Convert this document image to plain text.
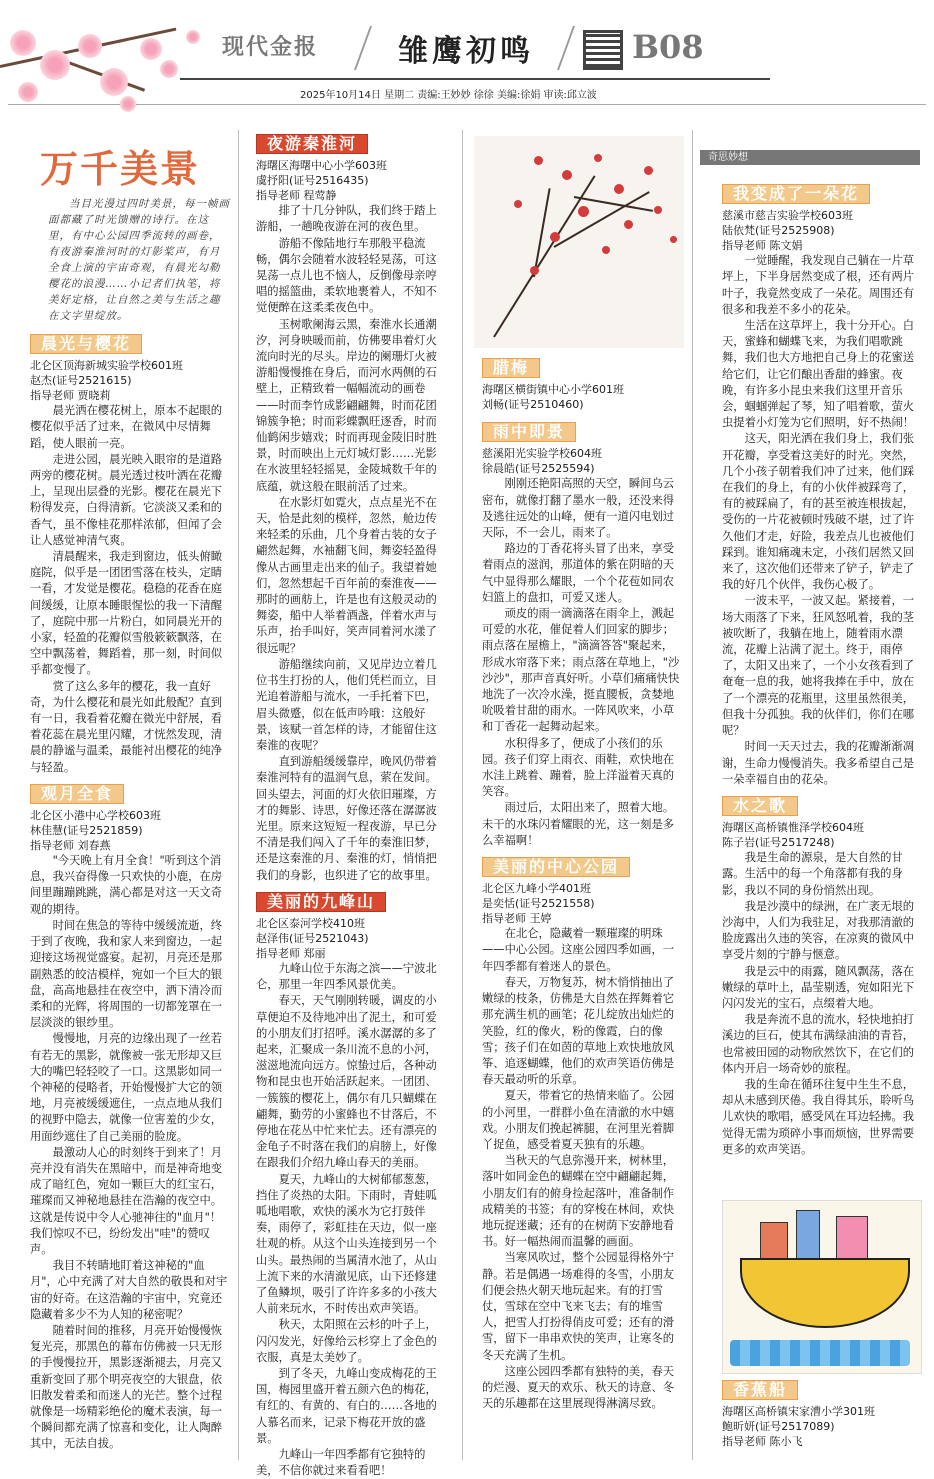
现代金报	雏鹰初鸣	B08
2025年10月14日 星期二 责编:王妙妙 徐徐 美编:徐娟 审读:邱立波
万千美景
当目光漫过四时美景，每一帧画面都藏了时光馈赠的诗行。在这里，有中心公园四季流转的画卷，有夜游秦淮河时的灯影桨声，有月全食上演的宇宙奇观，有晨光勾勒樱花的浪漫……小记者们执笔，将美好定格，让自然之美与生活之趣在文字里绽放。
晨光与樱花
北仑区顶海新城实验学校601班
赵杰(证号2521615)
指导老师 贾晓莉

晨光洒在樱花树上，原本不起眼的樱花似乎活了过来，在微风中尽情舞蹈，使人眼前一亮。

走进公园，晨光映入眼帘的是道路两旁的樱花树。晨光透过枝叶洒在花瓣上，呈现出层叠的光影。樱花在晨光下粉得发亮，白得清新。它淡淡又柔和的香气，虽不像桂花那样浓郁，但闻了会让人感觉神清气爽。

清晨醒来，我走到窗边，低头俯瞰庭院，似乎是一团团雪落在枝头，定睛一看，才发觉是樱花。稳稳的花香在庭间缓缓，让原本睡眼惺忪的我一下清醒了，庭院中那一片粉白，如同晨光开的小家，轻盈的花瓣似雪般簌簌飘落，在空中飘荡着，舞蹈着，那一刻，时间似乎都变慢了。

赏了这么多年的樱花，我一直好奇，为什么樱花和晨光如此般配？直到有一日，我看着花瓣在微光中舒展，看着花蕊在晨光里闪耀，才恍然发现，清晨的静谧与温柔，最能衬出樱花的纯净与轻盈。

观月全食
北仑区小港中心学校603班
林佳慧(证号2521859)
指导老师 刘春燕

"今天晚上有月全食！"听到这个消息，我兴奋得像一只欢快的小鹿，在房间里蹦蹦跳跳，满心都是对这一天文奇观的期待。

时间在焦急的等待中缓缓流逝，终于到了夜晚，我和家人来到窗边，一起迎接这场视觉盛宴。起初，月亮还是那副熟悉的皎洁模样，宛如一个巨大的银盘，高高地悬挂在夜空中，洒下清冷而柔和的光辉，将周围的一切都笼罩在一层淡淡的银纱里。

慢慢地，月亮的边缘出现了一丝若有若无的黑影，就像被一张无形却又巨大的嘴巴轻轻咬了一口。这黑影如同一个神秘的侵略者，开始慢慢扩大它的领地，月亮被缓缓遮住，一点点地从我们的视野中隐去，就像一位害羞的少女，用面纱遮住了自己美丽的脸庞。

最激动人心的时刻终于到来了！月亮并没有消失在黑暗中，而是神奇地变成了暗红色，宛如一颗巨大的红宝石，璀璨而又神秘地悬挂在浩瀚的夜空中。这就是传说中令人心驰神往的"血月"！我们惊叹不已，纷纷发出"哇"的赞叹声。

我目不转睛地盯着这神秘的"血月"，心中充满了对大自然的敬畏和对宇宙的好奇。在这浩瀚的宇宙中，究竟还隐藏着多少不为人知的秘密呢？

随着时间的推移，月亮开始慢慢恢复光亮，那黑色的幕布仿佛被一只无形的手慢慢拉开，黑影逐渐褪去，月亮又重新变回了那个明亮夜空的大银盘，依旧散发着柔和而迷人的光芒。整个过程就像是一场精彩绝伦的魔术表演，每一个瞬间都充满了惊喜和变化，让人陶醉其中，无法自拔。

夜游秦淮河
海曙区海曙中心小学603班
虞抒阳(证号2516435)
指导老师 程莺静

排了十几分钟队，我们终于踏上游船，一趟晚夜游在河的夜色里。

游船不像陆地行车那般平稳流畅，偶尔会随着水波轻轻晃荡，可这晃荡一点儿也不恼人，反倒像母亲哼唱的摇篮曲，柔软地裹着人，不知不觉便醉在这柔柔夜色中。

玉树歌阑海云黑，秦淮水长通潮汐，河身映暖而前，仿佛要串着灯火流向时光的尽头。岸边的阑珊灯火被游船慢慢推在身后，而河水两侧的石壁上，正精致着一幅幅流动的画卷——时而李竹成影翩翩舞，时而花团锦簇争艳；时而彩蝶飘旺逐香，时而仙鹤闲步嬉戏；时而再现金陵旧时胜景，时而映出上元灯城灯影……光影在水波里轻轻摇晃，金陵城数千年的底蕴，就这般在眼前活了过来。

在水影灯如霓火，点点星光不在天，恰是此刻的模样，忽然，舱边传来轻柔的乐曲，几个身着古装的女子翩然起舞，水袖翻飞间，舞姿轻盈得像从古画里走出来的仙子。我望着她们，忽然想起千百年前的秦淮夜——那时的画舫上，许是也有这般灵动的舞姿，船中人举着酒盏，伴着水声与乐声，抬手叫好，笑声同着河水漾了很远呢？

游船继续向前，又见岸边立着几位书生打扮的人，他们凭栏而立，目光追着游船与流水，一手托着下巴，眉头微蹙，似在低声吟哦：这般好景，该赋一首怎样的诗，才能留住这秦淮的夜呢？

直到游船缓缓靠岸，晚风仍带着秦淮河特有的温润气息，萦在发间。回头望去，河面的灯火依旧璀璨，方才的舞影、诗思，好像还落在潺潺波光里。原来这短短一程夜游，早已分不清是我们闯入了千年的秦淮旧梦，还是这秦淮的月、秦淮的灯，悄悄把我们的身影，也织进了它的故事里。

美丽的九峰山
北仑区泰河学校410班
赵泽伟(证号2521043)
指导老师 郑丽

九峰山位于东海之滨——宁波北仑，那里一年四季风景优美。

春天，天气刚刚转暖，调皮的小草便迫不及待地冲出了泥土，和可爱的小朋友们打招呼。溪水潺潺的多了起来，汇聚成一条川流不息的小河，滋滋地流向远方。惊蛰过后，各种动物和昆虫也开始活跃起来。一团团、一簇簇的樱花上，偶尔有几只蝴蝶在翩舞，勤劳的小蜜蜂也不甘落后，不停地在花丛中忙来忙去。还有漂亮的金龟子不时落在我们的肩膀上，好像在跟我们介绍九峰山春天的美丽。

夏天，九峰山的大树郁郁葱葱，挡住了炎热的太阳。下雨时，青蛙呱呱地唱歌，欢快的溪水为它打鼓伴奏，雨停了，彩虹挂在天边，似一座壮观的桥。从这个山头连接到另一个山头。最热闹的当属清水池了，从山上流下来的水清澈见底，山下还修建了鱼鳞坝，吸引了许许多多的小孩大人前来玩水，不时传出欢声笑语。

秋天，太阳照在云杉的叶子上，闪闪发光，好像给云杉穿上了金色的衣服，真是太美妙了。

到了冬天，九峰山变成梅花的王国，梅园里盛开着五颜六色的梅花，有红的、有黄的、有白的……各地的人慕名而来，记录下梅花开放的盛景。

九峰山一年四季都有它独特的美，不信你就过来看看吧！

腊梅
海曙区横街镇中心小学601班
刘畅(证号2510460)
雨中即景
慈溪阳光实验学校604班
徐晨皓(证号2525594)

刚刚还艳阳高照的天空，瞬间乌云密布，就像打翻了墨水一般，还没来得及逃往远处的山峰，便有一道闪电划过天际，不一会儿，雨来了。

路边的丁香花将头冒了出来，享受着雨点的滋润，那道体的紫在阴暗的天气中显得那么耀眼，一个个花苞如同农妇篮上的盘扣，可爱又迷人。

顽皮的雨一滴滴落在雨伞上，溅起可爱的水花，催促着人们回家的脚步；雨点落在屋檐上，"滴滴答答"聚起来，形成水帘落下来；雨点落在草地上，"沙沙沙"，那声音真好听。小草们痛痛快快地洗了一次冷水澡，挺直腰板，贪婪地吮吸着甘甜的雨水。一阵风吹来，小草和丁香花一起舞动起来。

水积得多了，便成了小孩们的乐园。孩子们穿上雨衣、雨鞋，欢快地在水洼上跳着、蹦着，脸上洋溢着天真的笑容。

雨过后，太阳出来了，照着大地。未干的水珠闪着耀眼的光，这一刻是多么幸福啊！

美丽的中心公园
北仑区九峰小学401班
是奕恬(证号2521558)
指导老师 王婷

在北仑，隐藏着一颗璀璨的明珠——中心公园。这座公园四季如画，一年四季都有着迷人的景色。

春天，万物复苏，树木悄悄抽出了嫩绿的枝条，仿佛是大自然在挥舞着它那充满生机的画笔；花儿绽放出灿烂的笑脸，红的像火，粉的像霞，白的像雪；孩子们在如茵的草地上欢快地放风筝、追逐蝴蝶，他们的欢声笑语仿佛是春天最动听的乐章。

夏天，带着它的热情来临了。公园的小河里，一群群小鱼在清澈的水中嬉戏。小朋友们挽起裤腿，在河里光着脚丫捉鱼，感受着夏天独有的乐趣。

当秋天的气息弥漫开来，树林里，落叶如同金色的蝴蝶在空中翩翩起舞，小朋友们有的俯身捡起落叶，准备制作成精美的书签；有的穿梭在林间，欢快地玩捉迷藏；还有的在树荫下安静地看书。好一幅热闹而温馨的画面。

当寒风吹过，整个公园显得格外宁静。若是偶遇一场难得的冬雪，小朋友们便会热火朝天地玩起来。有的打雪仗，雪球在空中飞来飞去；有的堆雪人，把雪人打扮得俏皮可爱；还有的滑雪，留下一串串欢快的笑声，让寒冬的冬天充满了生机。

这座公园四季都有独特的美，春天的烂漫、夏天的欢乐、秋天的诗意、冬天的乐趣都在这里展现得淋漓尽致。

奇思妙想
我变成了一朵花
慈溪市慈吉实验学校603班
陆依梵(证号2525908)
指导老师 陈文娟

一觉睡醒，我发现自己躺在一片草坪上，下半身居然变成了根，还有两片叶子，我竟然变成了一朵花。周围还有很多和我差不多小的花朵。

生活在这草坪上，我十分开心。白天，蜜蜂和蝴蝶飞来，为我们唱歌跳舞，我们也大方地把自己身上的花蜜送给它们，让它们酿出香甜的蜂蜜。夜晚，有许多小昆虫来我们这里开音乐会，蝈蝈弹起了琴，知了唱着歌，萤火虫提着小灯笼为它们照明，好不热闹！

这天，阳光洒在我们身上，我们张开花瓣，享受着这美好的时光。突然，几个小孩子朝着我们冲了过来，他们踩在我们的身上，有的小伙伴被踩弯了，有的被踩扁了，有的甚至被连根拔起，受伤的一片花被顿时残破不堪，过了许久他们才走，好险，我差点儿也被他们踩到。谁知痛魂未定，小孩们居然又回来了，这次他们还带来了铲子，铲走了我的好几个伙伴，我伤心极了。

一波未平，一波又起。紧接着，一场大雨落了下来，狂风怒吼着，我的茎被吹断了，我躺在地上，随着雨水漂流，花瓣上沾满了泥土。终于，雨停了，太阳又出来了，一个小女孩看到了奄奄一息的我，她将我捧在手中，放在了一个漂亮的花瓶里，这里虽然很美，但我十分孤独。我的伙伴们，你们在哪呢？

时间一天天过去，我的花瓣渐渐凋谢，生命力慢慢消失。我多希望自己是一朵幸福自由的花朵。

水之歌
海曙区高桥镇惟泽学校604班
陈子岩(证号2517248)

我是生命的源泉，是大自然的甘露。生活中的每一个角落都有我的身影，我以不同的身份悄然出现。

我是沙漠中的绿洲，在广袤无垠的沙海中，人们为我驻足，对我那清澈的脸庞露出久违的笑容，在凉爽的微风中享受片刻的宁静与惬意。

我是云中的雨露，随风飘荡，落在嫩绿的草叶上，晶莹剔透，宛如阳光下闪闪发光的宝石，点缀着大地。

我是奔流不息的流水，轻快地拍打溪边的巨石，使其布满绿油油的青苔，也常被田园的动物欣然饮下，在它们的体内开启一场奇妙的旅程。

我的生命在循环往复中生生不息，却从未感到厌倦。我自得其乐，聆听鸟儿欢快的歌唱，感受风在耳边轻拂。我觉得无需为琐碎小事而烦恼，世界需要更多的欢声笑语。

香蕉船
海曙区高桥镇宋家漕小学301班
鲍昕妍(证号2517089)
指导老师 陈小飞
